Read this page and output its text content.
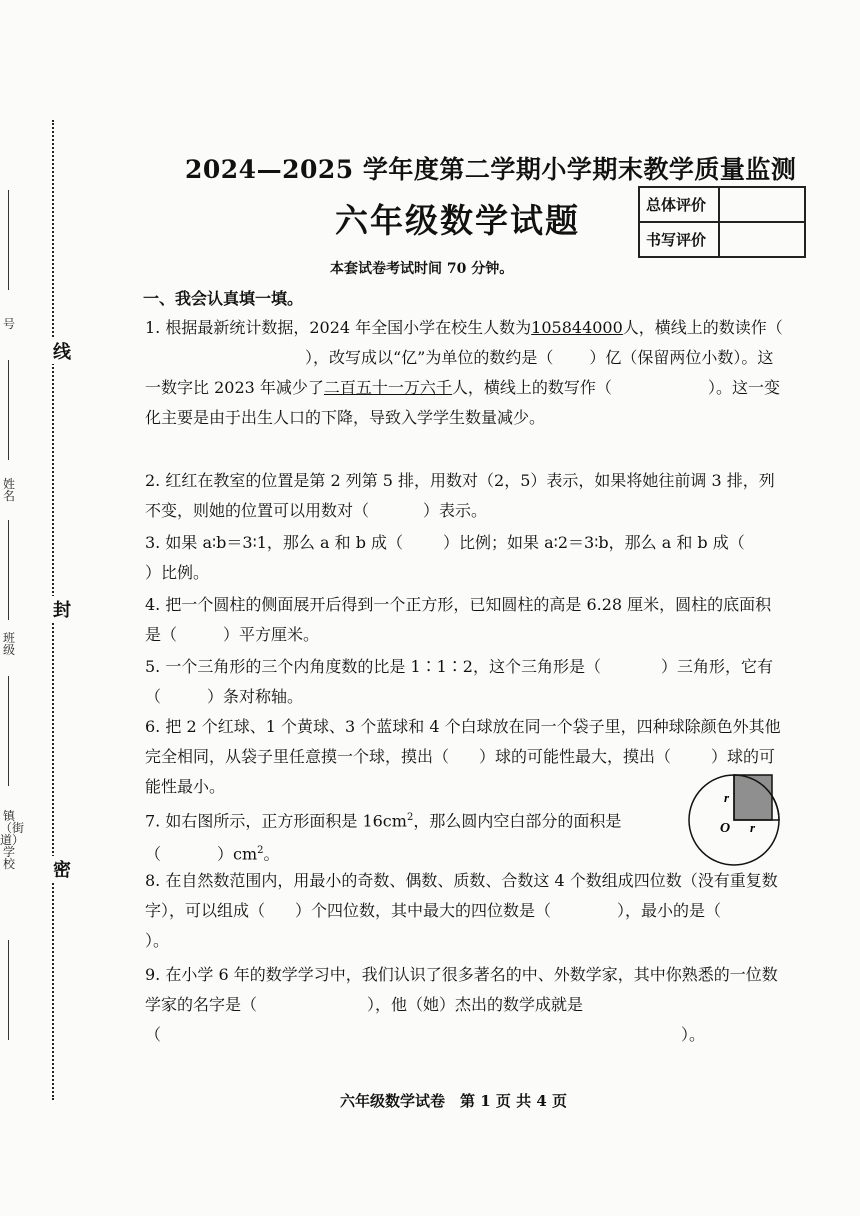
线
封
密
号
姓名
班级
镇（街道）学校
2024—2025 学年度第二学期小学期末教学质量监测
六年级数学试题
本套试卷考试时间 70 分钟。
总体评价	
书写评价	
一、我会认真填一填。
1. 根据最新统计数据，2024 年全国小学在校生人数为105844000人，横线上的数读作（），改写成以“亿”为单位的数约是（ ）亿（保留两位小数）。这一数字比 2023 年减少了二百五十一万六千人，横线上的数写作（	）。这一变化主要是由于出生人口的下降，导致入学学生数量减少。
2. 红红在教室的位置是第 2 列第 5 排，用数对（2，5）表示，如果将她往前调 3 排，列不变，则她的位置可以用数对（	）表示。
3. 如果 a∶b＝3∶1，那么 a 和 b 成（	）比例；如果 a∶2＝3∶b，那么 a 和 b 成（）比例。
4. 把一个圆柱的侧面展开后得到一个正方形，已知圆柱的高是 6.28 厘米，圆柱的底面积是（	）平方厘米。
5. 一个三角形的三个内角度数的比是 1∶1∶2，这个三角形是（	）三角形，它有（	）条对称轴。
6. 把 2 个红球、1 个黄球、3 个蓝球和 4 个白球放在同一个袋子里，四种球除颜色外其他完全相同，从袋子里任意摸一个球，摸出（ ）球的可能性最大，摸出（	）球的可能性最小。
7. 如右图所示，正方形面积是 $16cm^2$，那么圆内空白部分的面积是
（	）$cm^2$。
r
O r
8. 在自然数范围内，用最小的奇数、偶数、质数、合数这 4 个数组成四位数（没有重复数字），可以组成（ ）个四位数，其中最大的四位数是（	），最小的是（）。
9. 在小学 6 年的数学学习中，我们认识了很多著名的中、外数学家，其中你熟悉的一位数学家的名字是（	），他（她）杰出的数学成就是
（	）。
六年级数学试卷　第 1 页 共 4 页
